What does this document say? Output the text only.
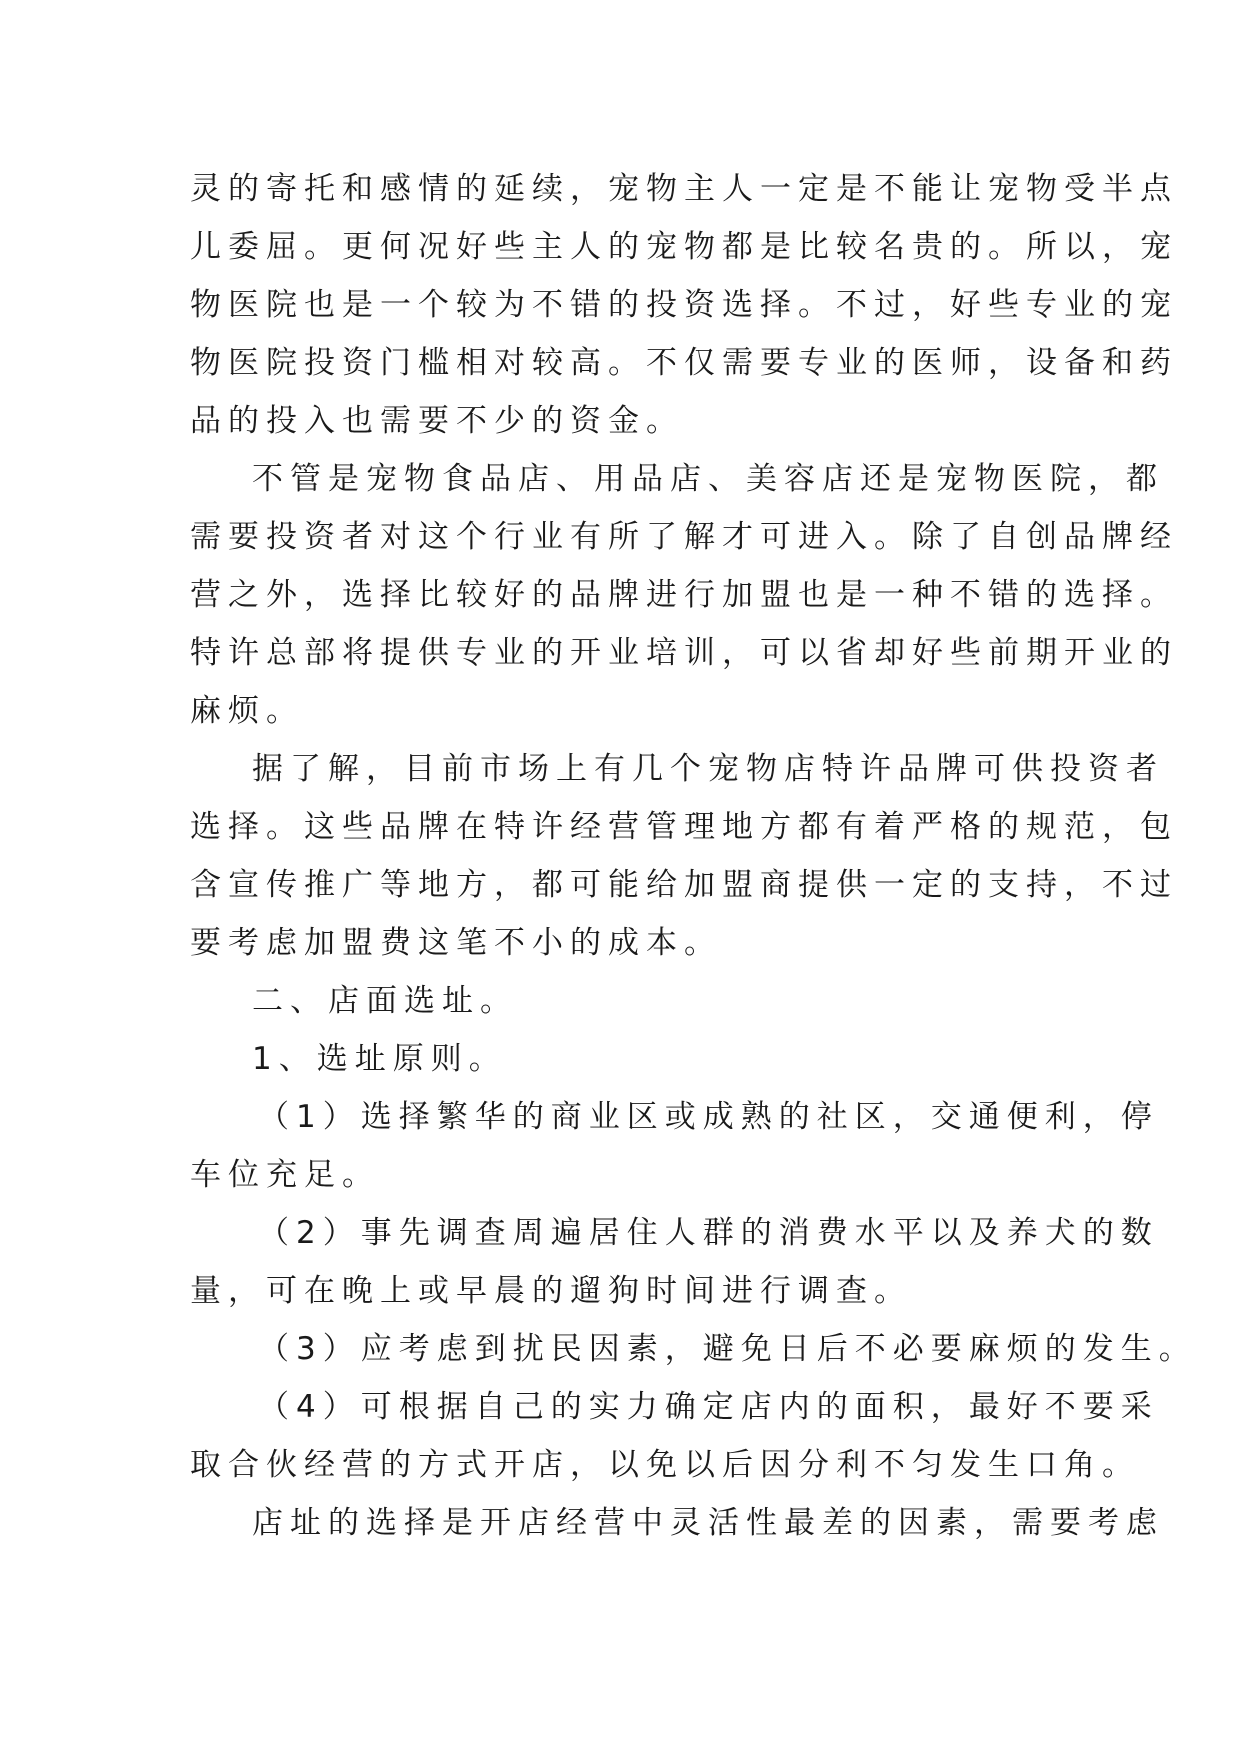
灵的寄托和感情的延续，宠物主人一定是不能让宠物受半点
儿委屈。更何况好些主人的宠物都是比较名贵的。所以，宠
物医院也是一个较为不错的投资选择。不过，好些专业的宠
物医院投资门槛相对较高。不仅需要专业的医师，设备和药
品的投入也需要不少的资金。
不管是宠物食品店、用品店、美容店还是宠物医院，都
需要投资者对这个行业有所了解才可进入。除了自创品牌经
营之外，选择比较好的品牌进行加盟也是一种不错的选择。
特许总部将提供专业的开业培训，可以省却好些前期开业的
麻烦。
据了解，目前市场上有几个宠物店特许品牌可供投资者
选择。这些品牌在特许经营管理地方都有着严格的规范，包
含宣传推广等地方，都可能给加盟商提供一定的支持，不过
要考虑加盟费这笔不小的成本。
二、店面选址。
1、选址原则。
（1）选择繁华的商业区或成熟的社区，交通便利，停
车位充足。
（2）事先调查周遍居住人群的消费水平以及养犬的数
量，可在晚上或早晨的遛狗时间进行调查。
（3）应考虑到扰民因素，避免日后不必要麻烦的发生。
（4）可根据自己的实力确定店内的面积，最好不要采
取合伙经营的方式开店，以免以后因分利不匀发生口角。
店址的选择是开店经营中灵活性最差的因素，需要考虑
